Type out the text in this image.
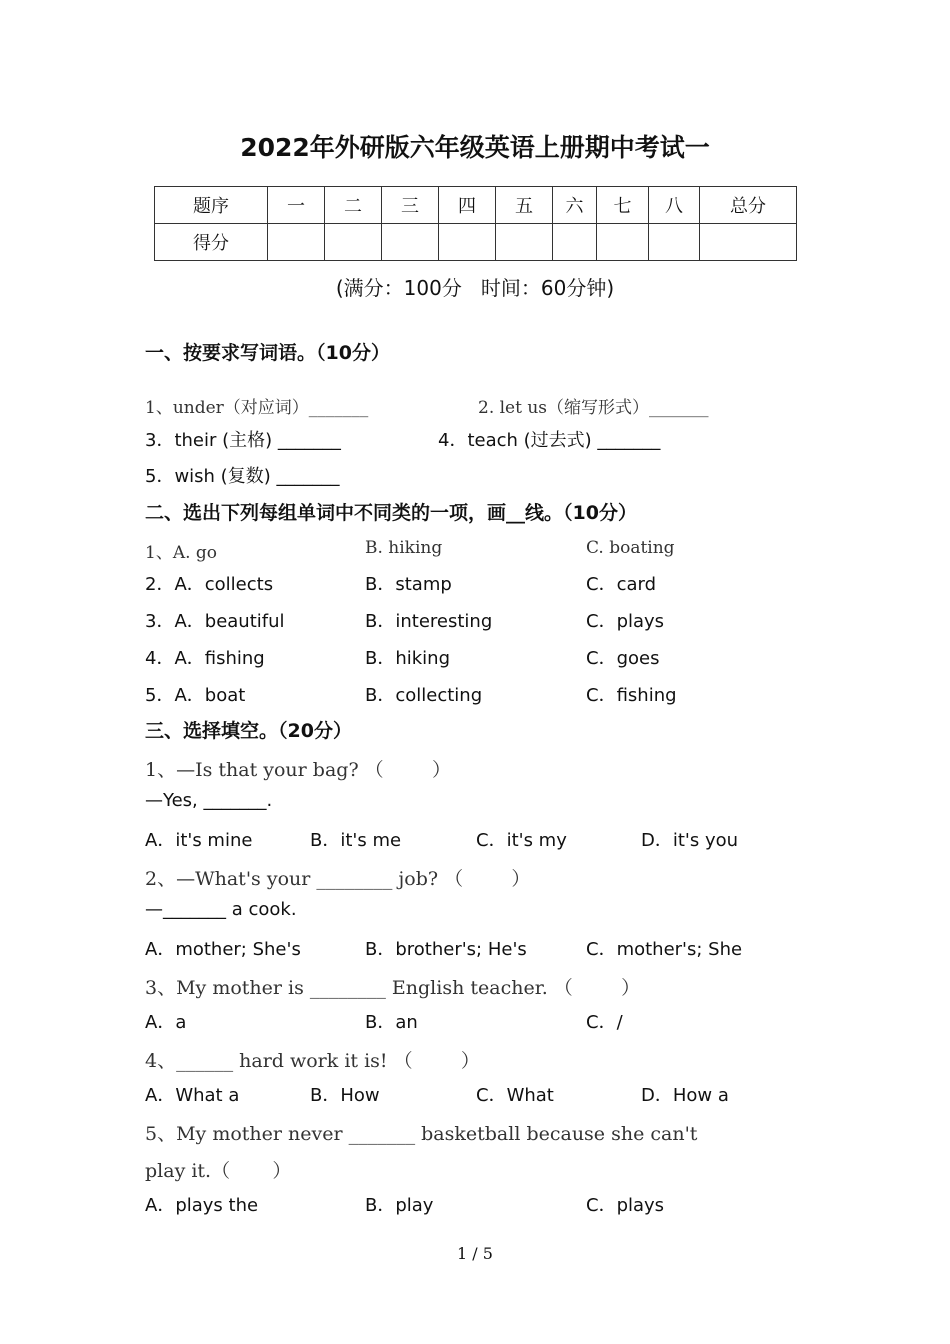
2022年外研版六年级英语上册期中考试一
题序	一	二	三	四	五	六	七	八	总分
得分									
(满分：100分   时间：60分钟)
一、按要求写词语。（10分）
1、under（对应词）_______	2. let us（缩写形式）_______
3．their (主格) _______	4．teach (过去式) _______
5．wish (复数) _______
二、选出下列每组单词中不同类的一项，画__线。（10分）
1、A. go	B. hiking	C. boating
2．A．collects	B．stamp	C．card
3．A．beautiful	B．interesting	C．plays
4．A．fishing	B．hiking	C．goes
5．A．boat	B．collecting	C．fishing
三、选择填空。（20分）
1、—Is that your bag? （        ）
—Yes, _______.
A．it's mine	B．it's me	C．it's my	D．it's you
2、—What's your ________ job? （        ）
—_______ a cook.
A．mother; She's	B．brother's; He's	C．mother's; She
3、My mother is ________ English teacher. （        ）
A．a	B．an	C．/
4、______ hard work it is! （        ）
A．What a	B．How	C．What	D．How a
5、My mother never _______ basketball because she can't
play it.（       ）
A．plays the	B．play	C．plays
1 / 5
